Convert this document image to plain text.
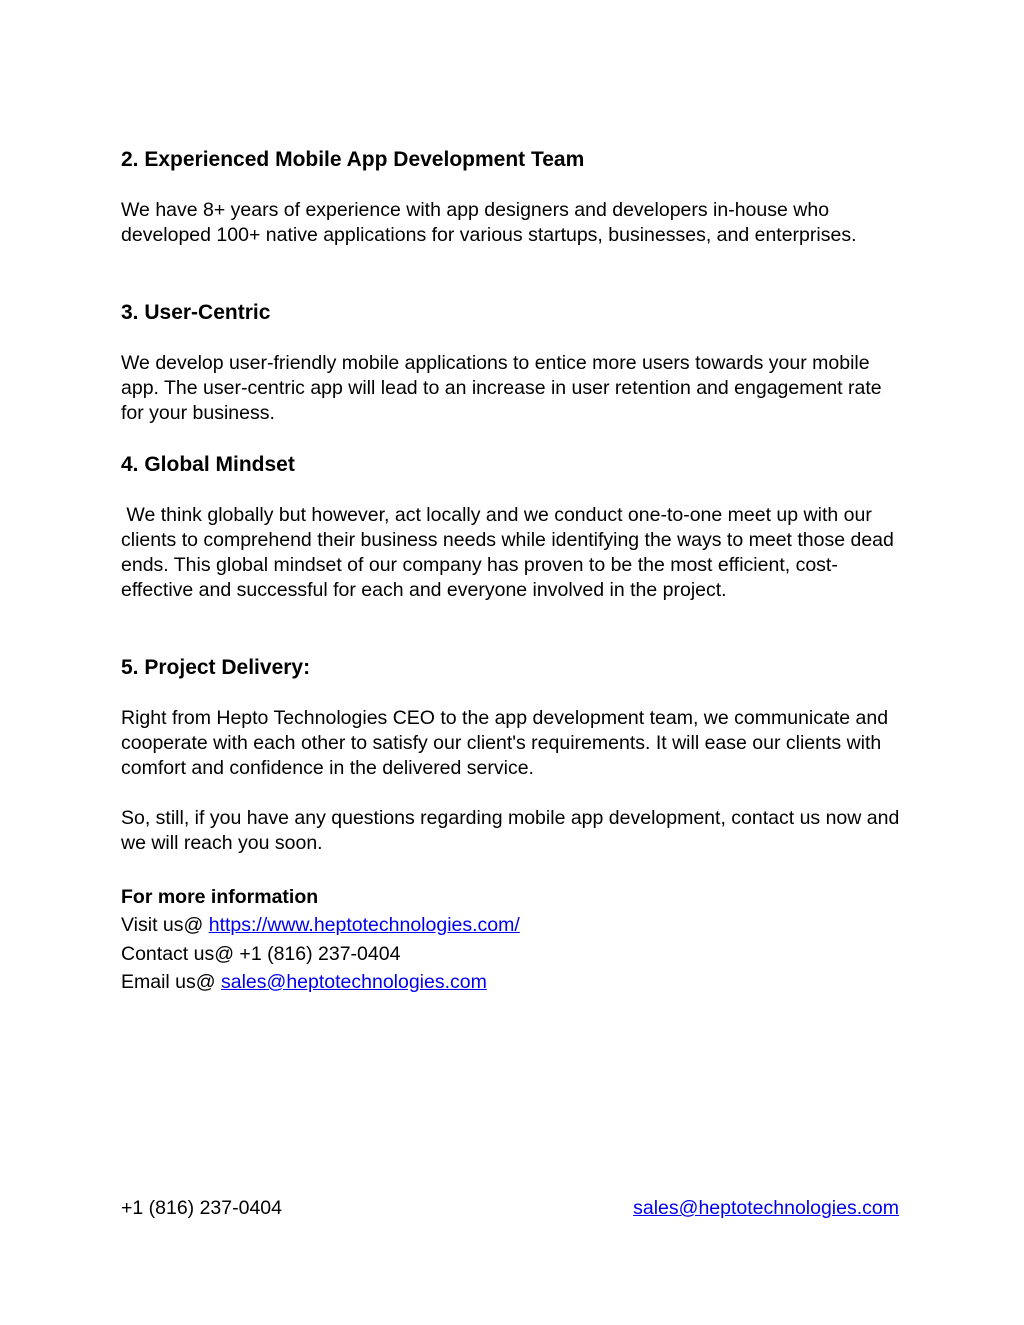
2. Experienced Mobile App Development Team

We have 8+ years of experience with app designers and developers in-house who developed 100+ native applications for various startups, businesses, and enterprises.

3. User-Centric

We develop user-friendly mobile applications to entice more users towards your mobile app. The user-centric app will lead to an increase in user retention and engagement rate for your business.

4. Global Mindset

We think globally but however, act locally and we conduct one-to-one meet up with our clients to comprehend their business needs while identifying the ways to meet those dead ends. This global mindset of our company has proven to be the most efficient, cost-effective and successful for each and everyone involved in the project.

5. Project Delivery:

Right from Hepto Technologies CEO to the app development team, we communicate and cooperate with each other to satisfy our client's requirements. It will ease our clients with comfort and confidence in the delivered service.

So, still, if you have any questions regarding mobile app development, contact us now and we will reach you soon.

For more information
Visit us@ https://www.heptotechnologies.com/
Contact us@ +1 (816) 237-0404
Email us@ sales@heptotechnologies.com
+1 (816) 237-0404	sales@heptotechnologies.com
